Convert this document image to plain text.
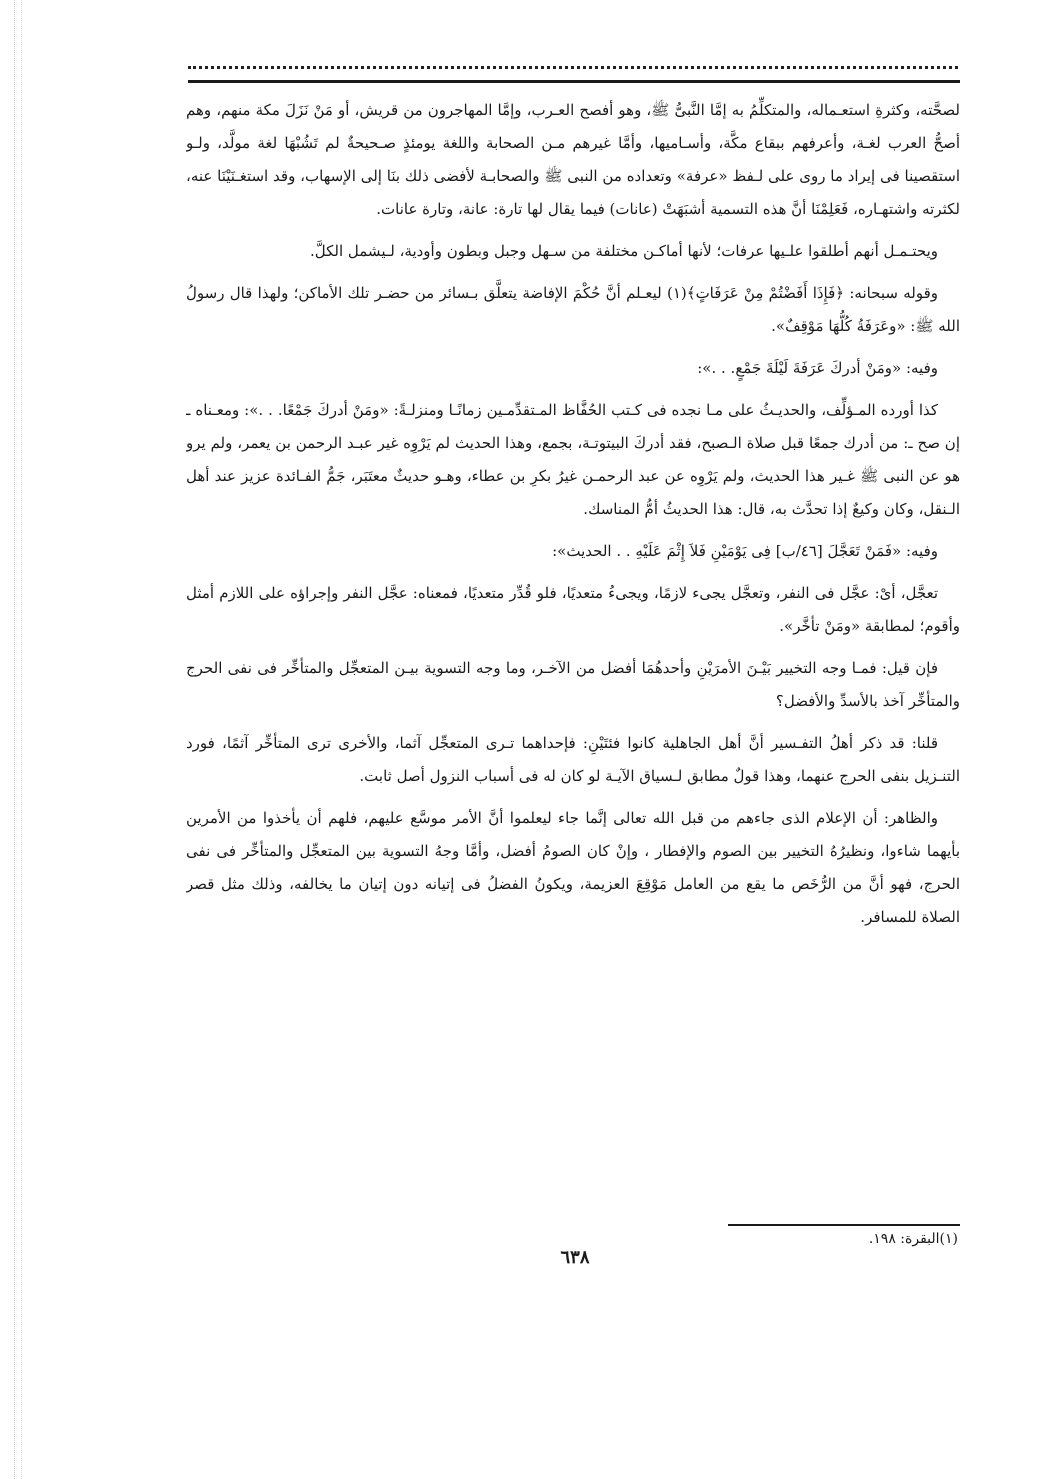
لصحَّته، وكثرةِ استعـماله، والمتكلِّمُ به إمَّا النَّبىُّ ﷺ، وهو أفصح العـرب، وإمَّا المهاجرون من قريش، أو مَنْ نَزَلَ مكة منهم، وهم أصحُّ العرب لغـة، وأعرفهم ببقاع مكَّة، وأسـاميها، وأمَّا غيرهم مـن الصحابة واللغة يومئذٍ صـحيحةٌ لم تَشُبْهَا لغة مولَّد، ولـو استقصينا فى إيراد ما روى على لـفظ «عرفة» وتعداده من النبى ﷺ والصحابـة لأفضى ذلك بنَا إلى الإسهاب، وقد استغـنَيْنَا عنه، لكثرته واشتهـاره، فَعَلِمْنَا أنَّ هذه التسمية أشبَهَتْ (عانات) فيما يقال لها تارة: عانة، وتارة عانات.

ويحتـمـل أنهم أطلقوا علـيها عرفات؛ لأنها أماكـن مختلفة من سـهل وجبل وبطون وأودية، لـيشمل الكلَّ.

وقوله سبحانه: ﴿فَإِذَا أَفَضْتُمْ مِنْ عَرَفَاتٍ﴾(١) ليعـلم أنَّ حُكْمَ الإفاضة يتعلَّق بـسائر من حضـر تلك الأماكن؛ ولهذا قال رسولُ الله ﷺ: «وعَرَفَةُ كُلُّهَا مَوْقِفٌ».

وفيه: «ومَنْ أدركَ عَرَفَةَ لَيْلَةَ جَمْعٍ. . .»:

كذا أورده المـؤلِّف، والحديـثُ على مـا نجده فى كـتب الحُفَّاظ المـتقدِّمـين زمانًـا ومنزلـةً: «ومَنْ أدركَ جَمْعًا. . .»: ومعـناه ـ إن صح ـ: من أدرك جمعًا قبل صلاة الـصبح، فقد أدركَ البيتوتـة، بجمع، وهذا الحديث لم يَرْوِه غير عبـد الرحمن بن يعمر، ولم يرو هو عن النبى ﷺ غـير هذا الحديث، ولم يَرْوِه عن عبد الرحمـن غيرُ بكرِ بن عطاء، وهـو حديثٌ معتَبَر، جَمُّ الفـائدة عزيز عند أهل الـنقل، وكان وكيعٌ إذا تحدَّث به، قال: هذا الحديثُ أمُّ المناسك.

وفيه: «فَمَنْ تَعَجَّلَ [٤٦/ب] فِى يَوْمَيْنِ فَلاَ إِثْمَ عَلَيْهِ . . الحديث»:

تعجَّل، أىْ: عجَّل فى النفر، وتعجَّل يجىء لازمًا، ويجىءُ متعديًا، فلو قُدِّر متعديًا، فمعناه: عجَّل النفر وإجراؤه على اللازم أمثل وأقوم؛ لمطابقة «ومَنْ تأخَّر».

فإن قيل: فمـا وجه التخيير بَيْـنَ الأمرَيْنِ وأحدهُمَا أفضل من الآخـر، وما وجه التسوية بيـن المتعجِّل والمتأخِّر فى نفى الحرج والمتأخِّر آخذ بالأسدِّ والأفضل؟

قلنا: قد ذكر أهلُ التفـسير أنَّ أهل الجاهلية كانوا فئتَيْنِ: فإحداهما تـرى المتعجِّل آثما، والأخرى ترى المتأخِّر آثمًا، فورد التنـزيل بنفى الحرج عنهما، وهذا قولٌ مطابق لـسياق الآيـة لو كان له فى أسباب النزول أصل ثابت.

والظاهر: أن الإعلام الذى جاءهم من قبل الله تعالى إنَّما جاء ليعلموا أنَّ الأمر موسَّع عليهم، فلهم أن يأخذوا من الأمرين بأيهما شاءوا، ونظيرُهُ التخيير بين الصوم والإفطار ، وإنْ كان الصومُ أفضل، وأمَّا وجهُ التسوية بين المتعجِّل والمتأخِّر فى نفى الحرج، فهو أنَّ من الرُّخَص ما يقع من العامل مَوْقِعَ العزيمة، ويكونُ الفضلُ فى إتيانه دون إتيان ما يخالفه، وذلك مثل قصر الصلاة للمسافر.

(١)البقرة: ١٩٨.
٦٣٨
